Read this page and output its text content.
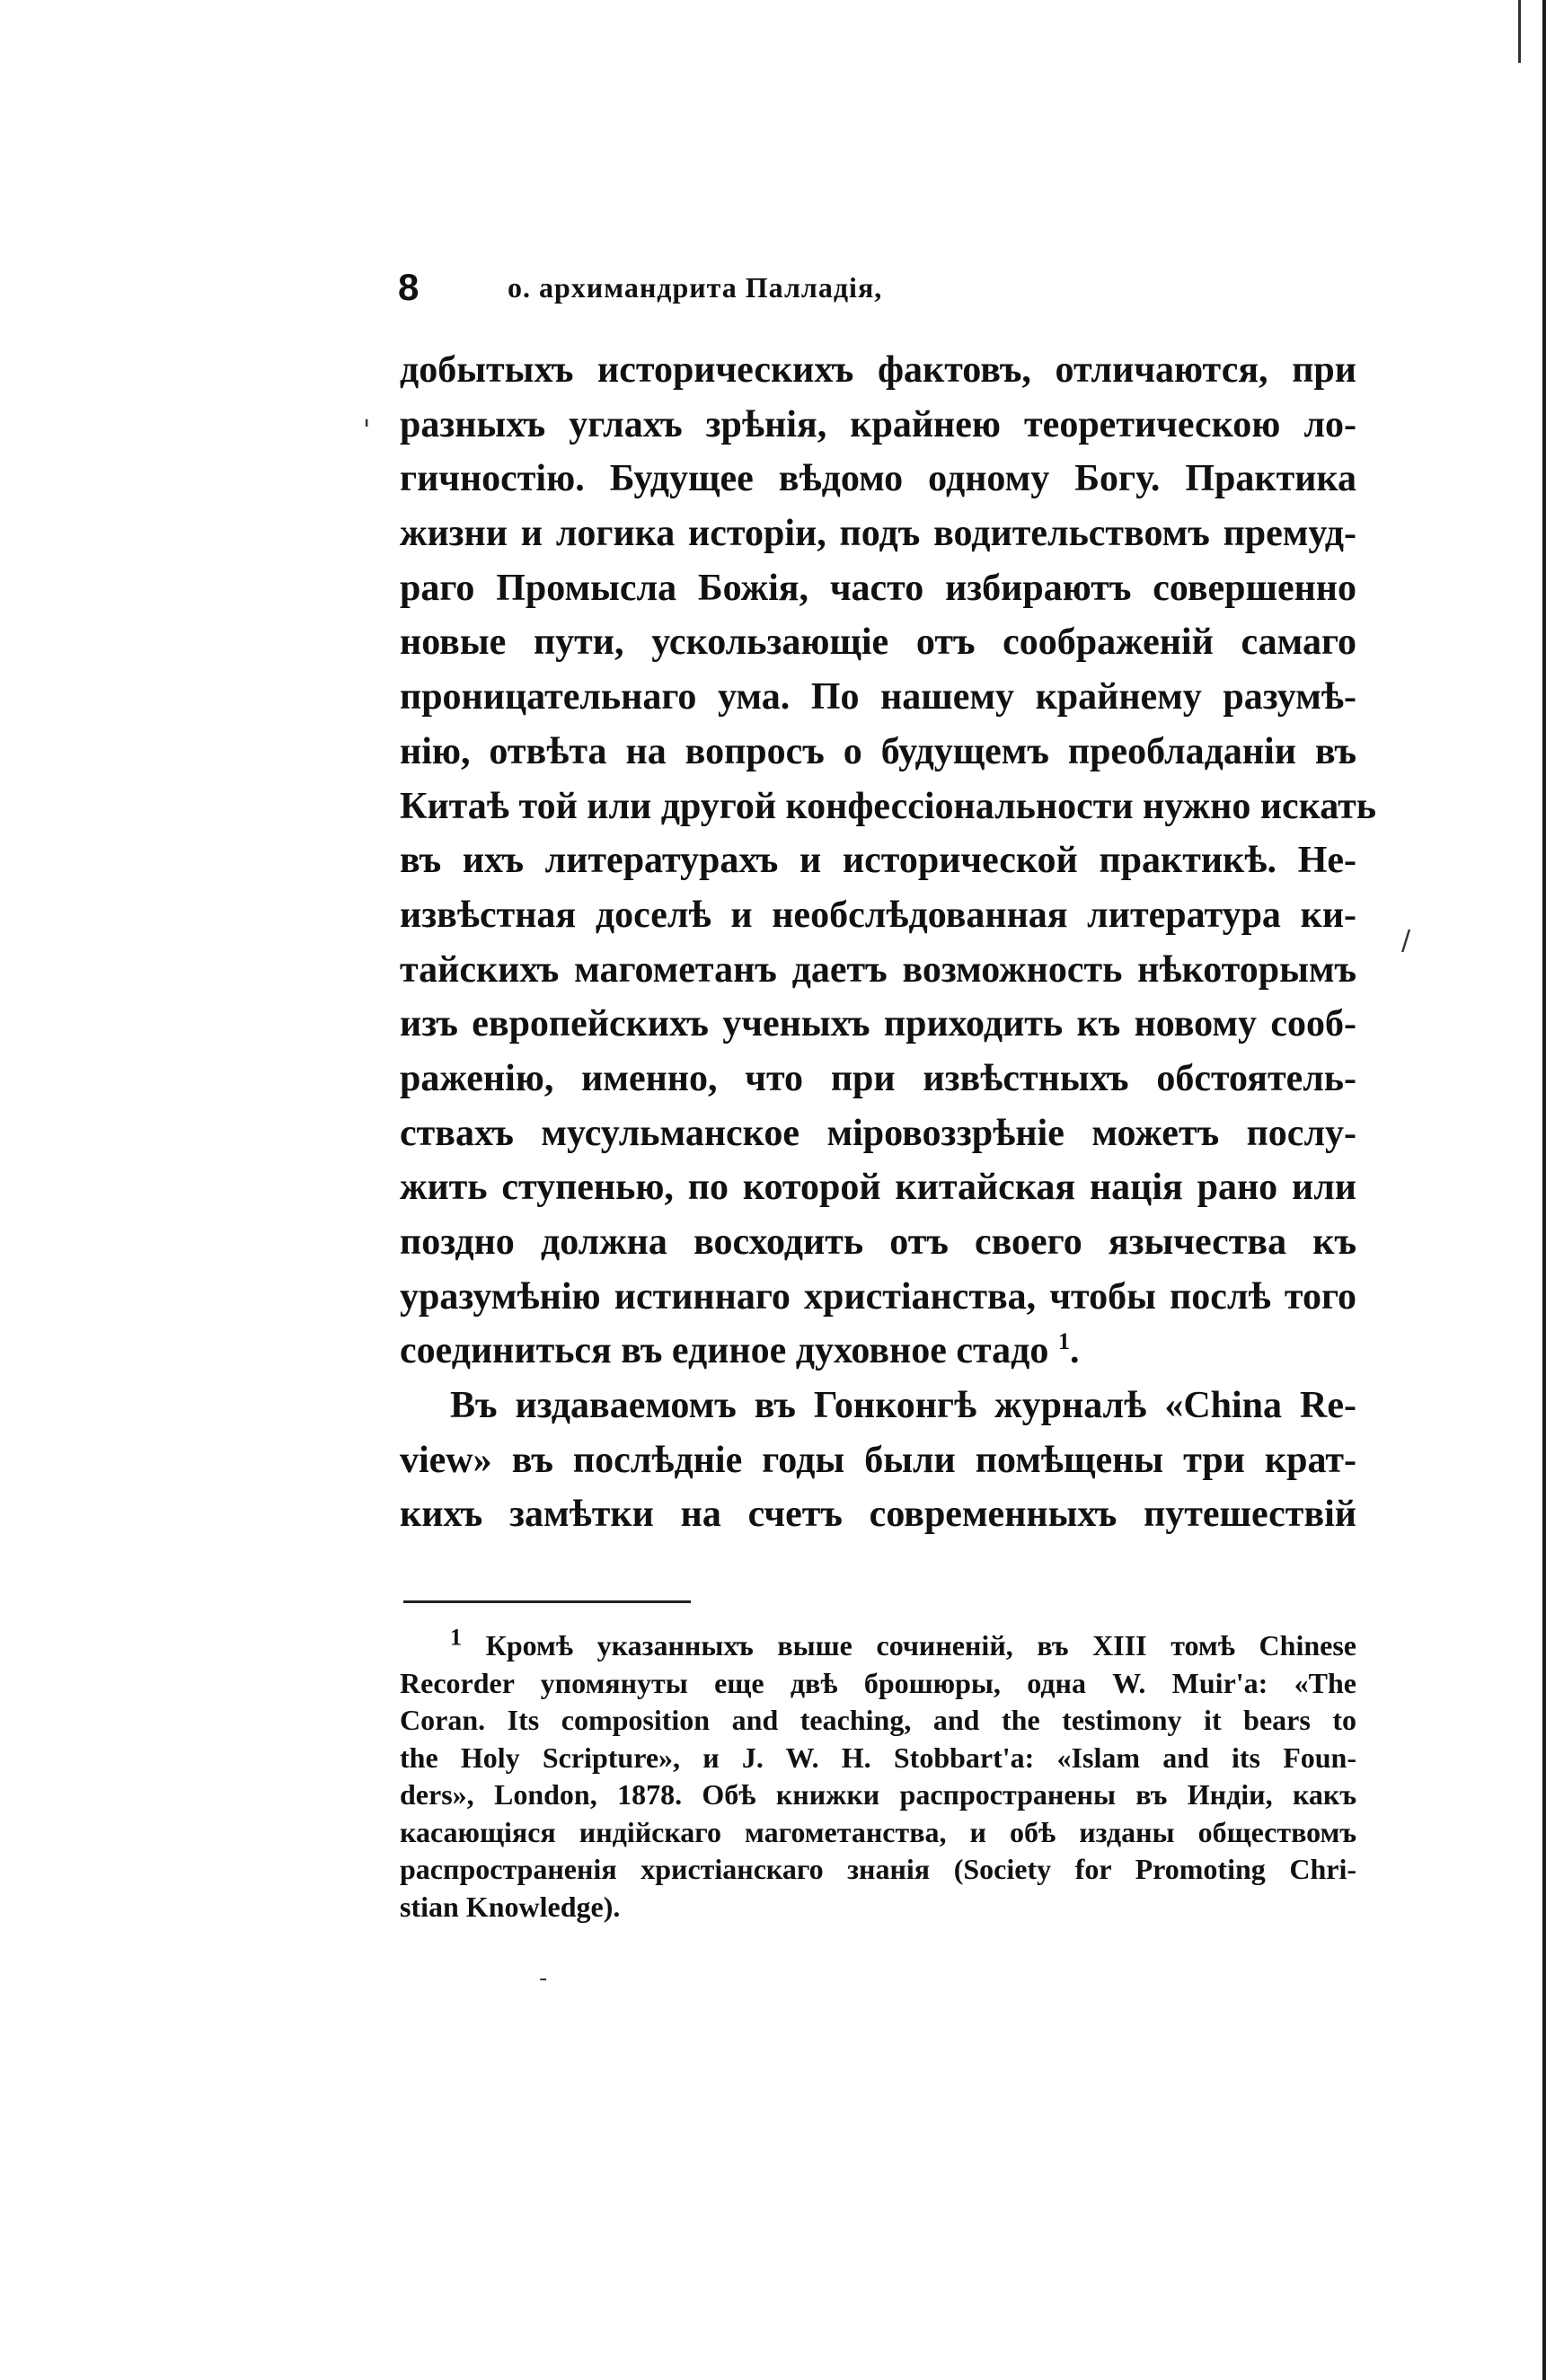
8	о. архимандрита Палладія,
добытыхъ историческихъ фактовъ, отличаются, при
разныхъ углахъ зрѣнія, крайнею теоретическою ло-
гичностію. Будущее вѣдомо одному Богу. Практика
жизни и логика исторіи, подъ водительствомъ премуд-
раго Промысла Божія, часто избираютъ совершенно
новые пути, ускользающіе отъ соображеній самаго
проницательнаго ума. По нашему крайнему разумѣ-
нію, отвѣта на вопросъ о будущемъ преобладаніи въ
Китаѣ той или другой конфессіональности нужно искать
въ ихъ литературахъ и исторической практикѣ. Не-
извѣстная доселѣ и необслѣдованная литература ки-
тайскихъ магометанъ даетъ возможность нѣкоторымъ
изъ европейскихъ ученыхъ приходить къ новому сооб-
раженію, именно, что при извѣстныхъ обстоятель-
ствахъ мусульманское міровоззрѣніе можетъ послу-
жить ступенью, по которой китайская нація рано или
поздно должна восходить отъ своего язычества къ
уразумѣнію истиннаго христіанства, чтобы послѣ того
соединиться въ единое духовное стадо $^1$.
Въ издаваемомъ въ Гонконгѣ журналѣ «China Re-
view» въ послѣдніе годы были помѣщены три крат-
кихъ замѣтки на счетъ современныхъ путешествій
$^1$ Кромѣ указанныхъ выше сочиненій, въ XIII томѣ Chinese
Recorder упомянуты еще двѣ брошюры, одна W. Muir'a: «The
Coran. Its composition and teaching, and the testimony it bears to
the Holy Scripture», и J. W. H. Stobbart'a: «Islam and its Foun-
ders», London, 1878. Обѣ книжки распространены въ Индіи, какъ
касающіяся индійскаго магометанства, и обѣ изданы обществомъ
распространенія христіанскаго знанія (Society for Promoting Chri-
stian Knowledge).
'
/
-
